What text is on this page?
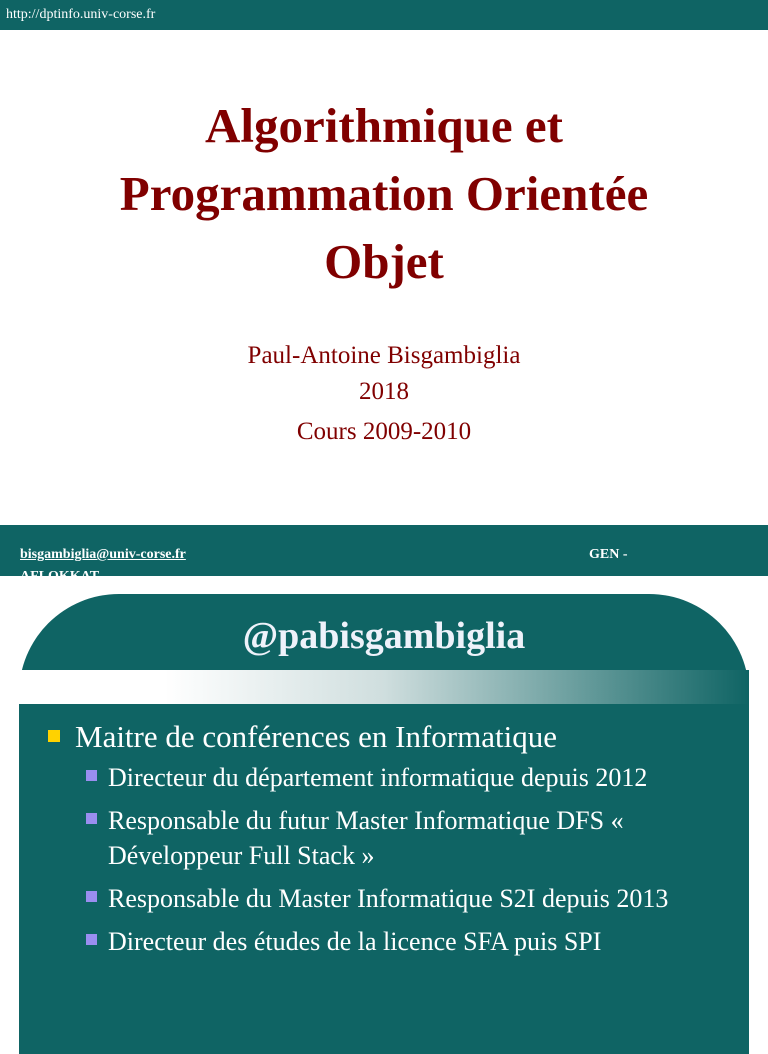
http://dptinfo.univ-corse.fr
Algorithmique et
Programmation Orientée
Objet
Paul-Antoine Bisgambiglia
2018
Cours 2009-2010
bisgambiglia@univ-corse.fr	GEN -
@pabisgambiglia
Maitre de conférences en Informatique
Directeur du département informatique depuis 2012
Responsable du futur Master Informatique DFS « Développeur Full Stack »
Responsable du Master Informatique S2I depuis 2013
Directeur des études de la licence SFA puis SPI
